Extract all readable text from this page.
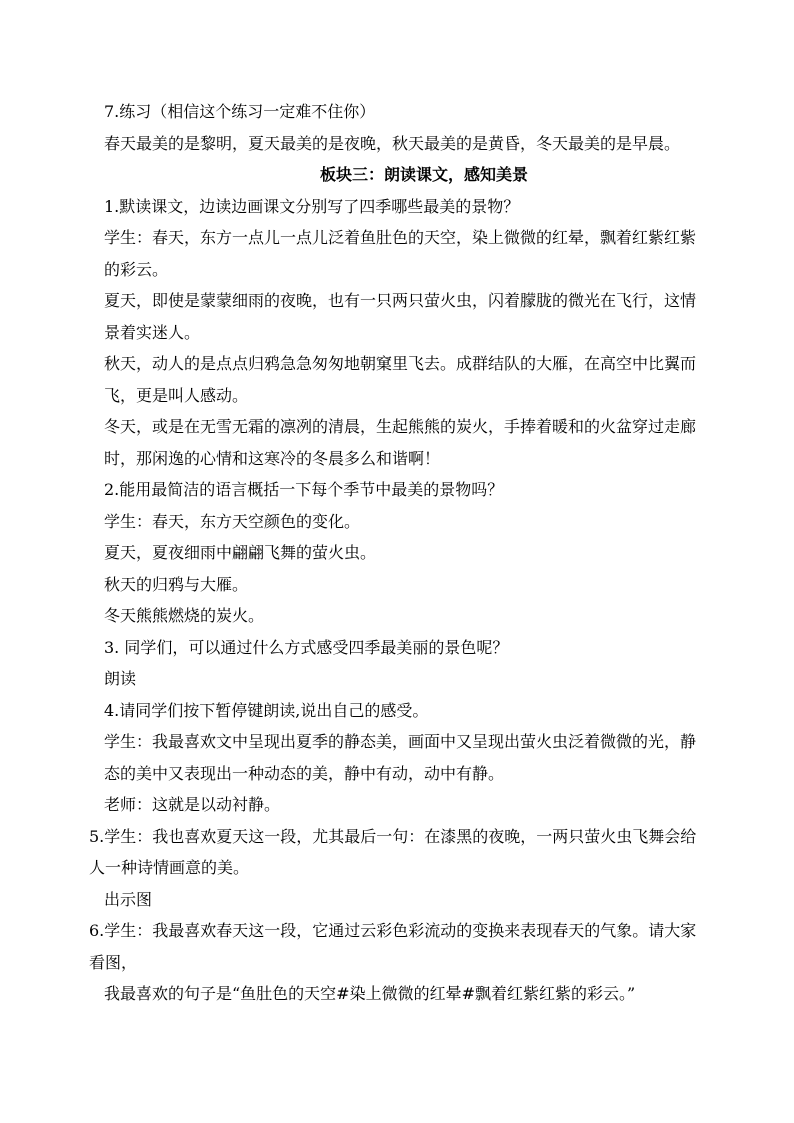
7.练习（相信这个练习一定难不住你）

春天最美的是黎明，夏天最美的是夜晚，秋天最美的是黄昏，冬天最美的是早晨。

板块三：朗读课文，感知美景

1.默读课文，边读边画课文分别写了四季哪些最美的景物？

学生：春天，东方一点儿一点儿泛着鱼肚色的天空，染上微微的红晕，飘着红紫红紫的彩云。

夏天，即使是蒙蒙细雨的夜晚，也有一只两只萤火虫，闪着朦胧的微光在飞行，这情景着实迷人。

秋天，动人的是点点归鸦急急匆匆地朝窠里飞去。成群结队的大雁，在高空中比翼而飞，更是叫人感动。

冬天，或是在无雪无霜的凛冽的清晨，生起熊熊的炭火，手捧着暖和的火盆穿过走廊时，那闲逸的心情和这寒冷的冬晨多么和谐啊！

2.能用最简洁的语言概括一下每个季节中最美的景物吗？

学生：春天，东方天空颜色的变化。

夏天，夏夜细雨中翩翩飞舞的萤火虫。

秋天的归鸦与大雁。

冬天熊熊燃烧的炭火。

3. 同学们，可以通过什么方式感受四季最美丽的景色呢？

朗读

4.请同学们按下暂停键朗读,说出自己的感受。

学生：我最喜欢文中呈现出夏季的静态美，画面中又呈现出萤火虫泛着微微的光，静态的美中又表现出一种动态的美，静中有动，动中有静。

老师：这就是以动衬静。

5.学生：我也喜欢夏天这一段，尤其最后一句：在漆黑的夜晚，一两只萤火虫飞舞会给人一种诗情画意的美。

出示图

6.学生：我最喜欢春天这一段，它通过云彩色彩流动的变换来表现春天的气象。请大家看图，

我最喜欢的句子是“鱼肚色的天空#染上微微的红晕#飘着红紫红紫的彩云。”
